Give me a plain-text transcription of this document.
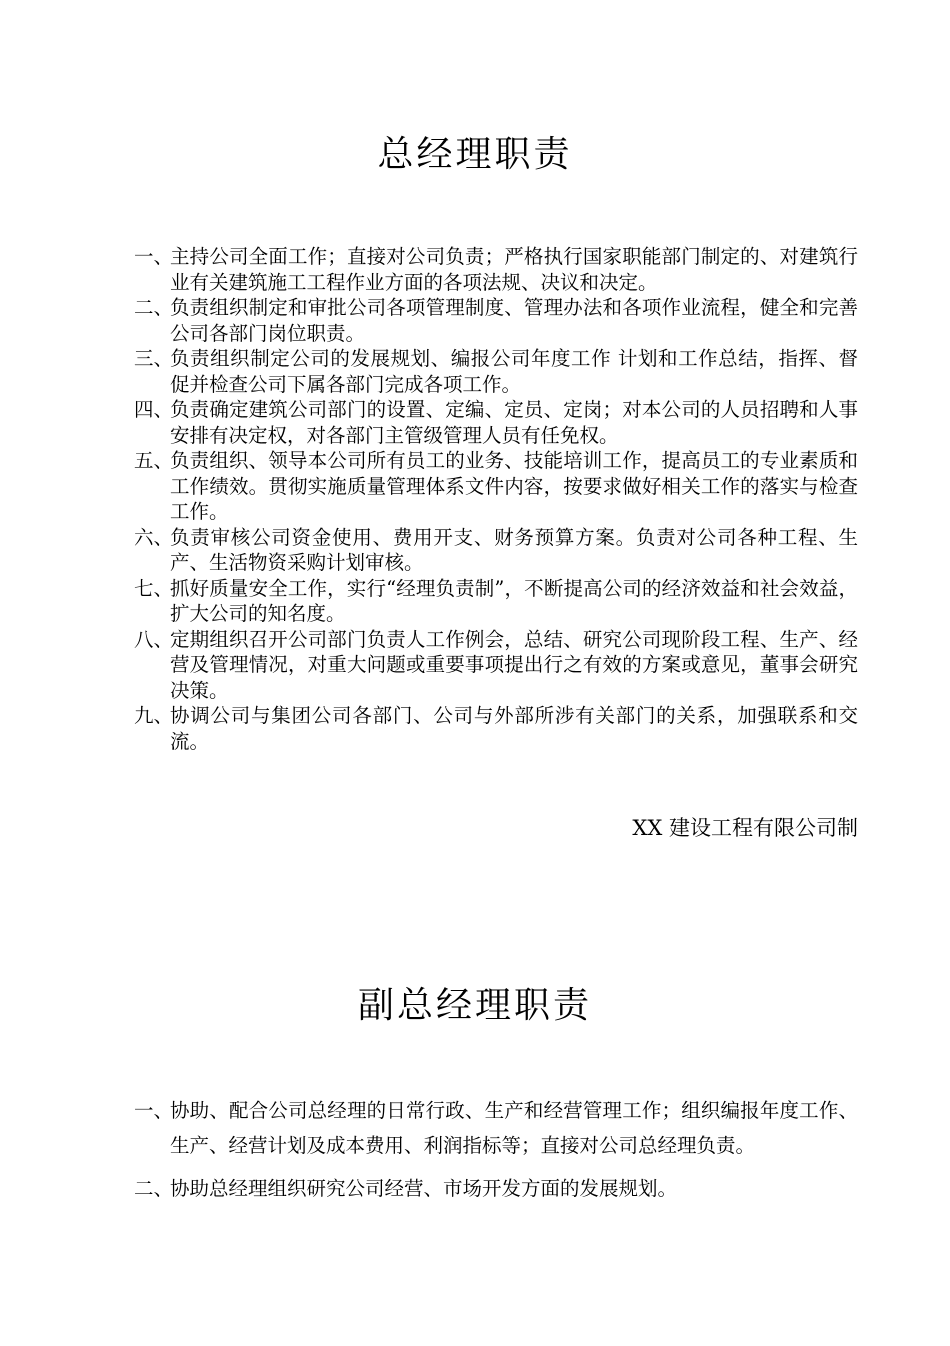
总经理职责
一、
主持公司全面工作；直接对公司负责；严格执行国家职能部门制定的、对建筑行业有关建筑施工工程作业方面的各项法规、决议和决定。
二、
负责组织制定和审批公司各项管理制度、管理办法和各项作业流程，健全和完善公司各部门岗位职责。
三、
负责组织制定公司的发展规划、编报公司年度工作 计划和工作总结，指挥、督促并检查公司下属各部门完成各项工作。
四、
负责确定建筑公司部门的设置、定编、定员、定岗；对本公司的人员招聘和人事安排有决定权，对各部门主管级管理人员有任免权。
五、
负责组织、领导本公司所有员工的业务、技能培训工作，提高员工的专业素质和工作绩效。贯彻实施质量管理体系文件内容，按要求做好相关工作的落实与检查工作。
六、
负责审核公司资金使用、费用开支、财务预算方案。负责对公司各种工程、生产、生活物资采购计划审核。
七、
抓好质量安全工作，实行“经理负责制”，不断提高公司的经济效益和社会效益，扩大公司的知名度。
八、
定期组织召开公司部门负责人工作例会，总结、研究公司现阶段工程、生产、经营及管理情况，对重大问题或重要事项提出行之有效的方案或意见，董事会研究决策。
九、
协调公司与集团公司各部门、公司与外部所涉有关部门的关系，加强联系和交流。

XX 建设工程有限公司制

副总经理职责
一、
协助、配合公司总经理的日常行政、生产和经营管理工作；组织编报年度工作、生产、经营计划及成本费用、利润指标等；直接对公司总经理负责。
二、
协助总经理组织研究公司经营、市场开发方面的发展规划。
